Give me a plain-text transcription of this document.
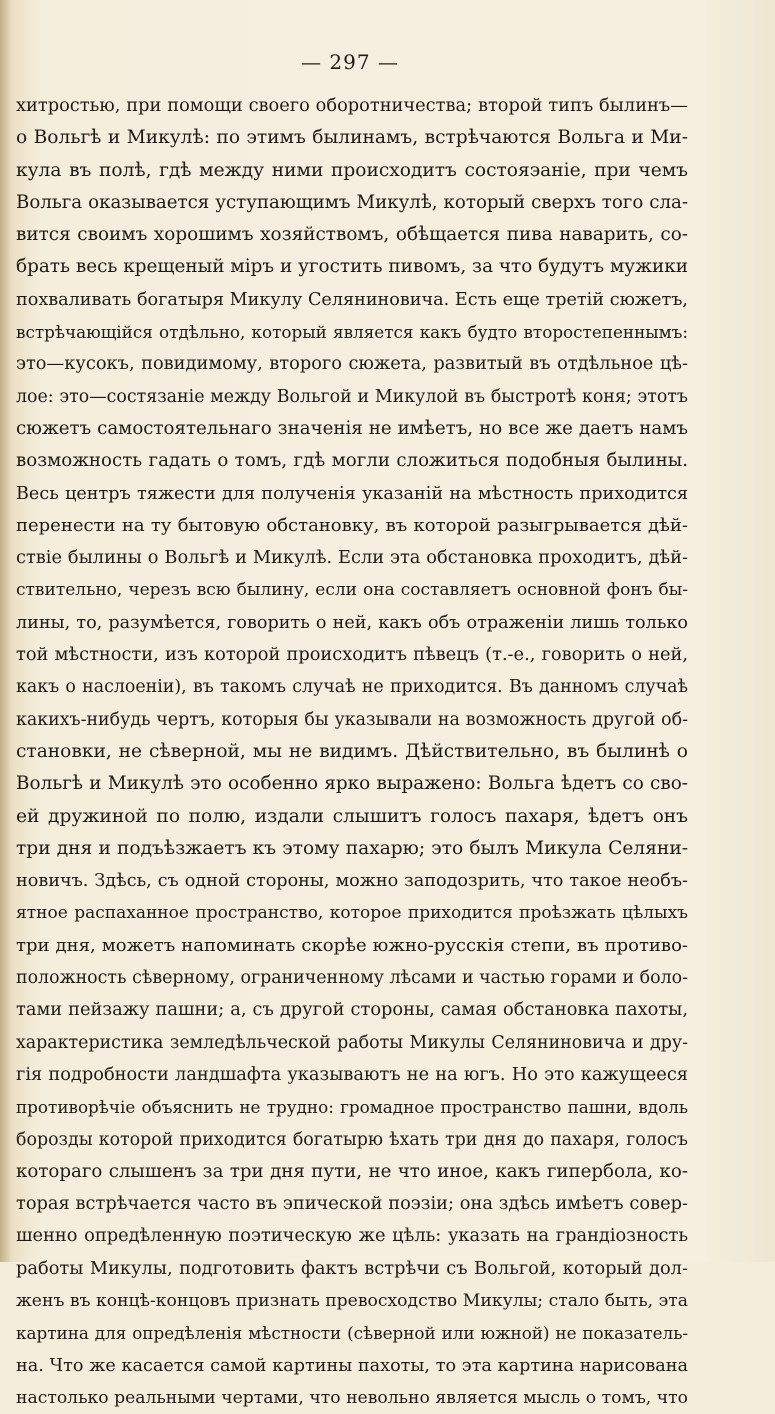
— 297 —
хитростью, при помощи своего оборотничества; второй типъ былинъ—
о Вольгѣ и Микулѣ: по этимъ былинамъ, встрѣчаются Вольга и Ми-
кула въ полѣ, гдѣ между ними происходитъ состояэаніе, при чемъ
Вольга оказывается уступающимъ Микулѣ, который сверхъ того сла-
вится своимъ хорошимъ хозяйствомъ, обѣщается пива наварить, со-
брать весь крещеный міръ и угостить пивомъ, за что будутъ мужики
похваливать богатыря Микулу Селяниновича. Есть еще третій сюжетъ,
встрѣчающійся отдѣльно, который является какъ будто второстепеннымъ:
это—кусокъ, повидимому, второго сюжета, развитый въ отдѣльное цѣ-
лое: это—состязаніе между Вольгой и Микулой въ быстротѣ коня; этотъ
сюжетъ самостоятельнаго значенія не имѣетъ, но все же даетъ намъ
возможность гадать о томъ, гдѣ могли сложиться подобныя былины.
Весь центръ тяжести для полученія указаній на мѣстность приходится
перенести на ту бытовую обстановку, въ которой разыгрывается дѣй-
ствіе былины о Вольгѣ и Микулѣ. Если эта обстановка проходитъ, дѣй-
ствительно, черезъ всю былину, если она составляетъ основной фонъ бы-
лины, то, разумѣется, говорить о ней, какъ объ отраженіи лишь только
той мѣстности, изъ которой происходитъ пѣвецъ (т.-е., говорить о ней,
какъ о наслоеніи), въ такомъ случаѣ не приходится. Въ данномъ случаѣ
какихъ-нибудь чертъ, которыя бы указывали на возможность другой об-
становки, не сѣверной, мы не видимъ. Дѣйствительно, въ былинѣ о
Вольгѣ и Микулѣ это особенно ярко выражено: Вольга ѣдетъ со сво-
ей дружиной по полю, издали слышитъ голосъ пахаря, ѣдетъ онъ
три дня и подъѣзжаетъ къ этому пахарю; это былъ Микула Селяни-
новичъ. Здѣсь, съ одной стороны, можно заподозрить, что такое необъ-
ятное распаханное пространство, которое приходится проѣзжать цѣлыхъ
три дня, можетъ напоминать скорѣе южно-русскія степи, въ противо-
положность сѣверному, ограниченному лѣсами и частью горами и боло-
тами пейзажу пашни; а, съ другой стороны, самая обстановка пахоты,
характеристика земледѣльческой работы Микулы Селяниновича и дру-
гія подробности ландшафта указываютъ не на югъ. Но это кажущееся
противорѣчіе объяснить не трудно: громадное пространство пашни, вдоль
борозды которой приходится богатырю ѣхать три дня до пахаря, голосъ
котораго слышенъ за три дня пути, не что иное, какъ гипербола, ко-
торая встрѣчается часто въ эпической поэзіи; она здѣсь имѣетъ совер-
шенно опредѣленную поэтическую же цѣль: указать на грандіозность
работы Микулы, подготовить фактъ встрѣчи съ Вольгой, который дол-
женъ въ концѣ-концовъ признать превосходство Микулы; стало быть, эта
картина для опредѣленія мѣстности (сѣверной или южной) не показатель-
на. Что же касается самой картины пахоты, то эта картина нарисована
настолько реальными чертами, что невольно является мысль о томъ, что
